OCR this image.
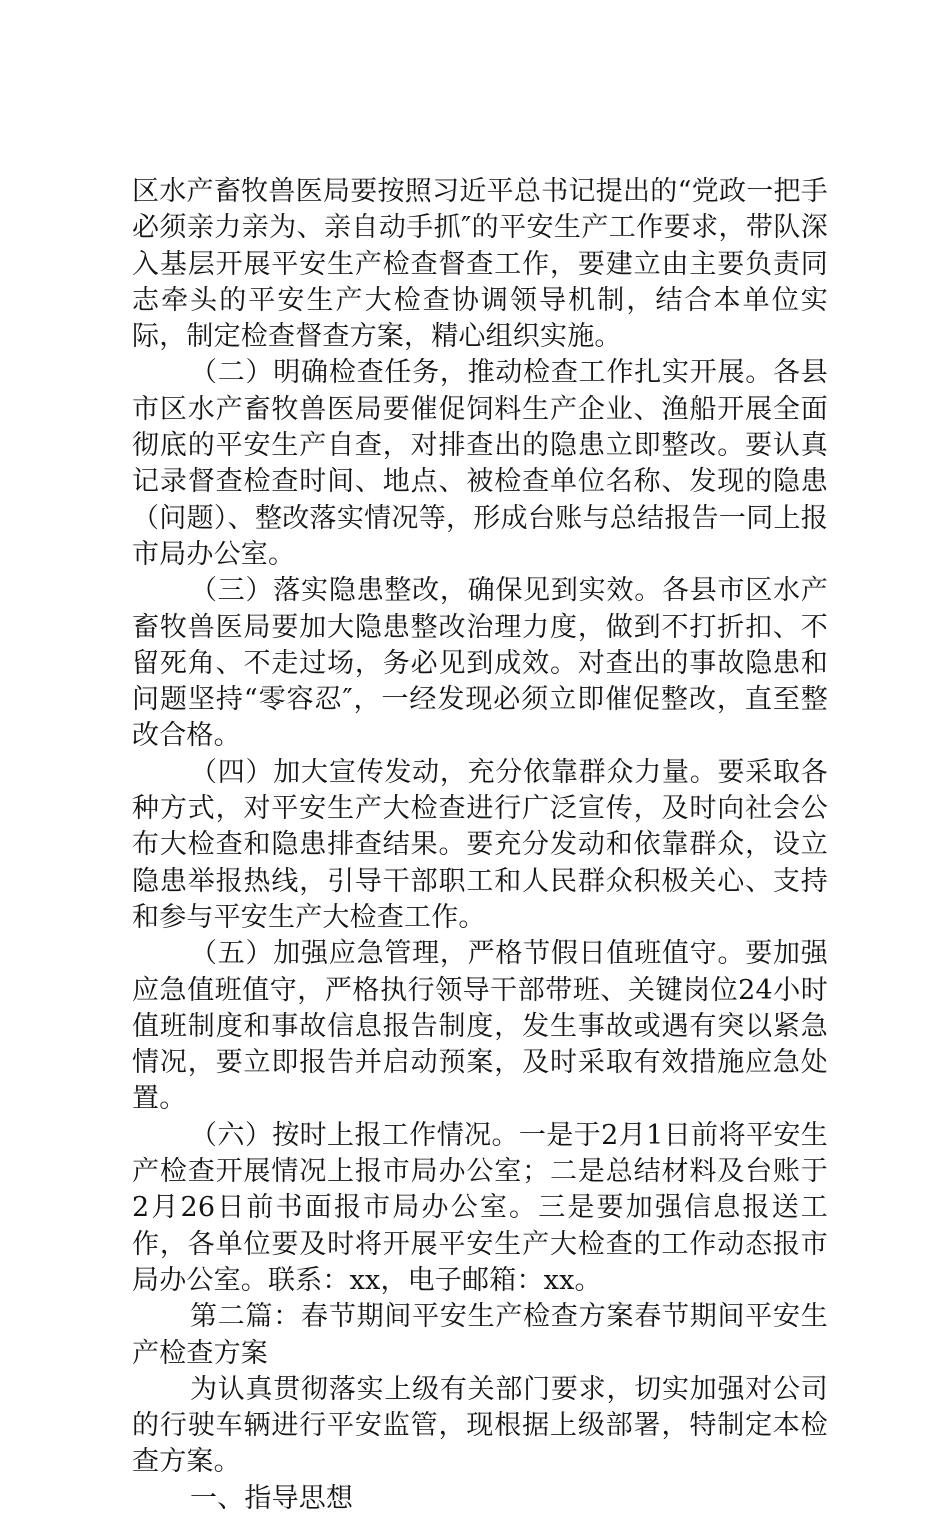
区水产畜牧兽医局要按照习近平总书记提出的“党政一把手必须亲力亲为、亲自动手抓″的平安生产工作要求，带队深入基层开展平安生产检查督查工作，要建立由主要负责同志牵头的平安生产大检查协调领导机制，结合本单位实际，制定检查督查方案，精心组织实施。

（二）明确检查任务，推动检查工作扎实开展。各县市区水产畜牧兽医局要催促饲料生产企业、渔船开展全面彻底的平安生产自查，对排查出的隐患立即整改。要认真记录督查检查时间、地点、被检查单位名称、发现的隐患（问题）、整改落实情况等，形成台账与总结报告一同上报市局办公室。

（三）落实隐患整改，确保见到实效。各县市区水产畜牧兽医局要加大隐患整改治理力度，做到不打折扣、不留死角、不走过场，务必见到成效。对查出的事故隐患和问题坚持“零容忍″，一经发现必须立即催促整改，直至整改合格。

（四）加大宣传发动，充分依靠群众力量。要采取各种方式，对平安生产大检查进行广泛宣传，及时向社会公布大检查和隐患排查结果。要充分发动和依靠群众，设立隐患举报热线，引导干部职工和人民群众积极关心、支持和参与平安生产大检查工作。

（五）加强应急管理，严格节假日值班值守。要加强应急值班值守，严格执行领导干部带班、关键岗位24小时值班制度和事故信息报告制度，发生事故或遇有突以紧急情况，要立即报告并启动预案，及时采取有效措施应急处置。

（六）按时上报工作情况。一是于2月1日前将平安生产检查开展情况上报市局办公室；二是总结材料及台账于2月26日前书面报市局办公室。三是要加强信息报送工作，各单位要及时将开展平安生产大检查的工作动态报市局办公室。联系：xx，电子邮箱：xx。

第二篇：春节期间平安生产检查方案春节期间平安生产检查方案

为认真贯彻落实上级有关部门要求，切实加强对公司的行驶车辆进行平安监管，现根据上级部署，特制定本检查方案。

一、指导思想
